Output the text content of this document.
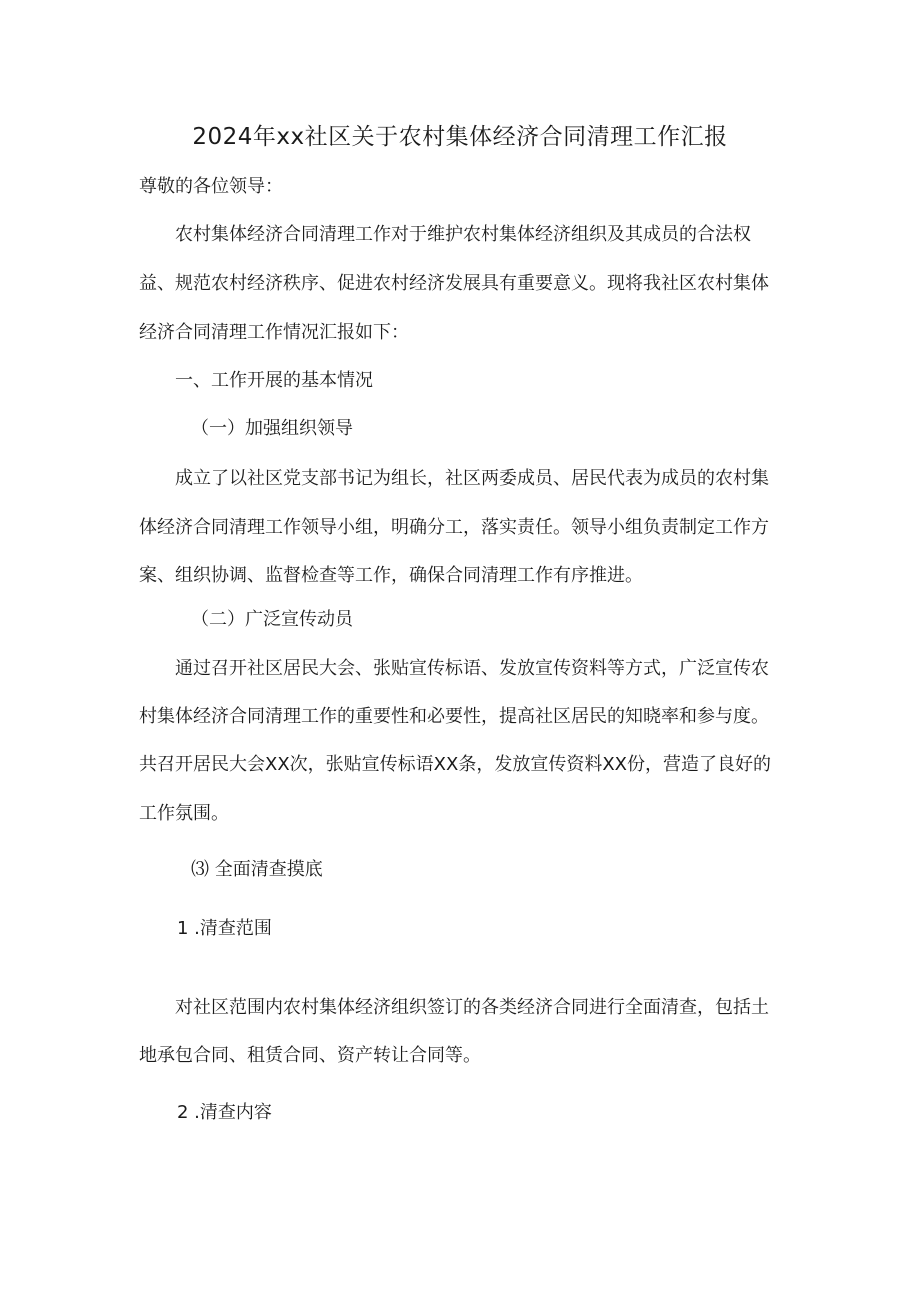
2024年xx社区关于农村集体经济合同清理工作汇报

尊敬的各位领导：

农村集体经济合同清理工作对于维护农村集体经济组织及其成员的合法权

益、规范农村经济秩序、促进农村经济发展具有重要意义。现将我社区农村集体

经济合同清理工作情况汇报如下：

一、工作开展的基本情况

（一）加强组织领导

成立了以社区党支部书记为组长，社区两委成员、居民代表为成员的农村集

体经济合同清理工作领导小组，明确分工，落实责任。领导小组负责制定工作方

案、组织协调、监督检查等工作，确保合同清理工作有序推进。

（二）广泛宣传动员

通过召开社区居民大会、张贴宣传标语、发放宣传资料等方式，广泛宣传农

村集体经济合同清理工作的重要性和必要性，提高社区居民的知晓率和参与度。

共召开居民大会XX次，张贴宣传标语XX条，发放宣传资料XX份，营造了良好的

工作氛围。

⑶ 全面清查摸底

1 .清查范围

对社区范围内农村集体经济组织签订的各类经济合同进行全面清查，包括土

地承包合同、租赁合同、资产转让合同等。

2 .清查内容
